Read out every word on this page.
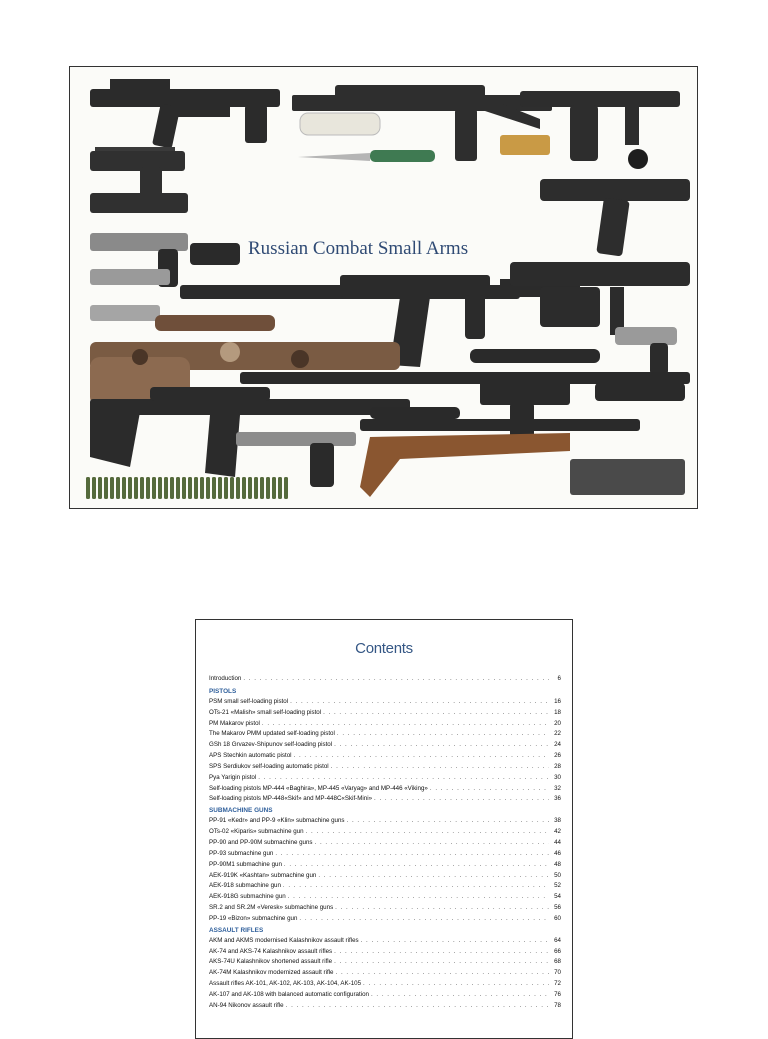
Russian Combat Small Arms
Contents
Introduction . . .	6
PISTOLS
PSM small self-loading pistol . . .	16
OTs-21 «Malish» small self-loading pistol . . .	18
PM Makarov pistol . . .	20
The Makarov PMM updated self-loading pistol . . .	22
GSh 18 Grvazev-Shipunov self-loading pistol . . .	24
APS Stechkin automatic pistol . . .	26
SPS Serdiukov self-loading automatic pistol . . .	28
Pya Yarigin pistol . . .	30
Self-loading pistols MP-444 «Baghira», MP-445 «Varyag» and MP-446 «Viking» . . .	32
Self-loading pistols MP-448«Skif» and MP-448C«Skif-Mini» . . .	36
SUBMACHINE GUNS
PP-91 «Kedr» and PP-9 «Klin» submachine guns . . .	38
OTs-02 «Kiparis» submachine gun . . .	42
PP-90 and PP-90M submachine guns . . .	44
PP-93 submachine gun . . .	46
PP-90M1 submachine gun . . .	48
AEK-919K «Kashtan» submachine gun . . .	50
AEK-918 submachine gun . . .	52
AEK-918G submachine gun . . .	54
SR.2 and SR.2M «Veresk» submachine guns . . .	56
PP-19 «Bizon» submachine gun . . .	60
ASSAULT RIFLES
AKM and AKMS modernised Kalashnikov assault rifles . . .	64
AK-74 and AKS-74 Kalashnikov assault rifles . . .	66
AKS-74U Kalashnikov shortened assault rifle . . .	68
AK-74M Kalashnikov modernized assault rifle . . .	70
Assault rifles AK-101, AK-102, AK-103, AK-104, AK-105 . . .	72
AK-107 and AK-108 with balanced automatic configuration . . .	76
AN-94 Nikonov assault rifle . . .	78
